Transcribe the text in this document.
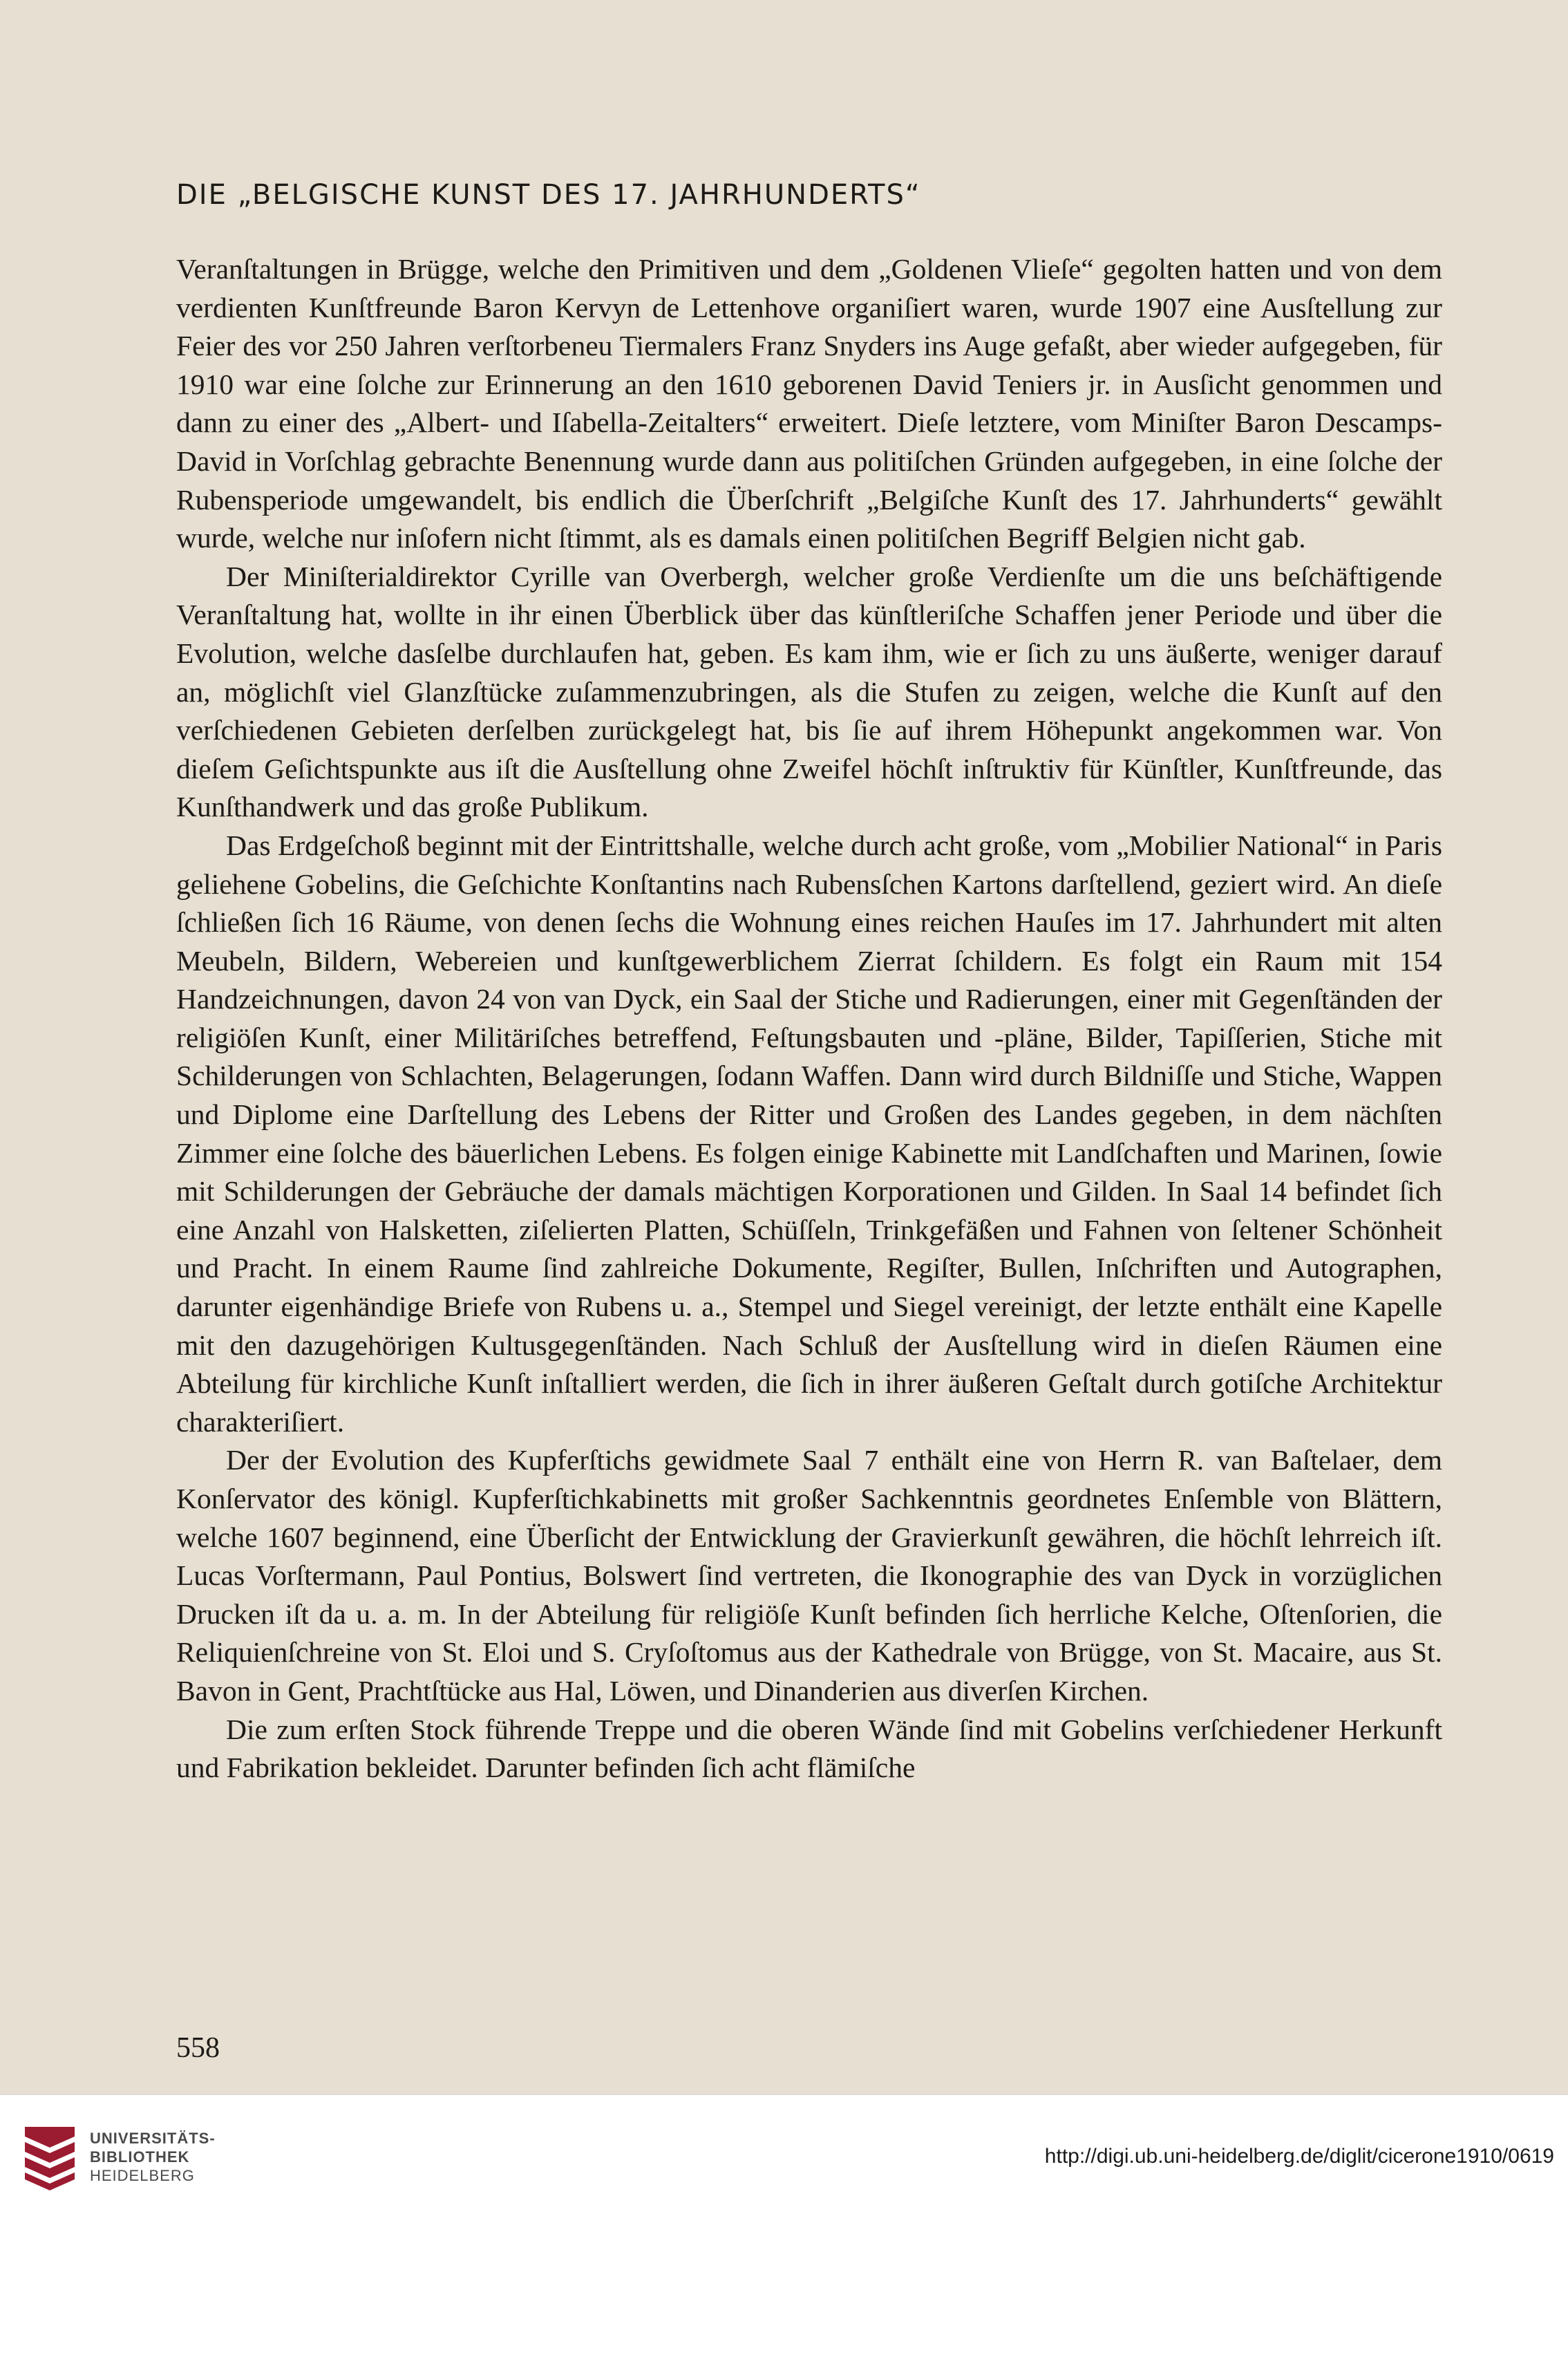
DIE „BELGISCHE KUNST DES 17. JAHRHUNDERTS“

Veranſtaltungen in Brügge, welche den Primitiven und dem „Goldenen Vlieſe“ gegolten hatten und von dem verdienten Kunſtfreunde Baron Kervyn de Lettenhove organiſiert waren, wurde 1907 eine Ausſtellung zur Feier des vor 250 Jahren verſtorbeneu Tiermalers Franz Snyders ins Auge gefaßt, aber wieder aufgegeben, für 1910 war eine ſolche zur Erinnerung an den 1610 geborenen David Teniers jr. in Ausſicht genommen und dann zu einer des „Albert- und Iſabella-Zeitalters“ erweitert. Dieſe letztere, vom Miniſter Baron Descamps-David in Vorſchlag gebrachte Benennung wurde dann aus politiſchen Gründen aufgegeben, in eine ſolche der Rubensperiode umgewandelt, bis endlich die Überſchrift „Belgiſche Kunſt des 17. Jahrhunderts“ gewählt wurde, welche nur inſofern nicht ſtimmt, als es damals einen politiſchen Begriff Belgien nicht gab.

Der Miniſterialdirektor Cyrille van Overbergh, welcher große Verdienſte um die uns beſchäftigende Veranſtaltung hat, wollte in ihr einen Überblick über das künſtleriſche Schaffen jener Periode und über die Evolution, welche dasſelbe durchlaufen hat, geben. Es kam ihm, wie er ſich zu uns äußerte, weniger darauf an, möglichſt viel Glanzſtücke zuſammenzubringen, als die Stufen zu zeigen, welche die Kunſt auf den verſchiedenen Gebieten derſelben zurückgelegt hat, bis ſie auf ihrem Höhepunkt angekommen war. Von dieſem Geſichtspunkte aus iſt die Ausſtellung ohne Zweifel höchſt inſtruktiv für Künſtler, Kunſtfreunde, das Kunſthandwerk und das große Publikum.

Das Erdgeſchoß beginnt mit der Eintrittshalle, welche durch acht große, vom „Mobilier National“ in Paris geliehene Gobelins, die Geſchichte Konſtantins nach Rubensſchen Kartons darſtellend, geziert wird. An dieſe ſchließen ſich 16 Räume, von denen ſechs die Wohnung eines reichen Hauſes im 17. Jahrhundert mit alten Meubeln, Bildern, Webereien und kunſtgewerblichem Zierrat ſchildern. Es folgt ein Raum mit 154 Handzeichnungen, davon 24 von van Dyck, ein Saal der Stiche und Radierungen, einer mit Gegenſtänden der religiöſen Kunſt, einer Militäriſches betreffend, Feſtungsbauten und -pläne, Bilder, Tapiſſerien, Stiche mit Schilderungen von Schlachten, Belagerungen, ſodann Waffen. Dann wird durch Bildniſſe und Stiche, Wappen und Diplome eine Darſtellung des Lebens der Ritter und Großen des Landes gegeben, in dem nächſten Zimmer eine ſolche des bäuerlichen Lebens. Es folgen einige Kabinette mit Landſchaften und Marinen, ſowie mit Schilderungen der Gebräuche der damals mächtigen Korporationen und Gilden. In Saal 14 befindet ſich eine Anzahl von Halsketten, ziſelierten Platten, Schüſſeln, Trinkgefäßen und Fahnen von ſeltener Schönheit und Pracht. In einem Raume ſind zahlreiche Dokumente, Regiſter, Bullen, Inſchriften und Autographen, darunter eigenhändige Briefe von Rubens u. a., Stempel und Siegel vereinigt, der letzte enthält eine Kapelle mit den dazugehörigen Kultusgegenſtänden. Nach Schluß der Ausſtellung wird in dieſen Räumen eine Abteilung für kirchliche Kunſt inſtalliert werden, die ſich in ihrer äußeren Geſtalt durch gotiſche Architektur charakteriſiert.

Der der Evolution des Kupferſtichs gewidmete Saal 7 enthält eine von Herrn R. van Baſtelaer, dem Konſervator des königl. Kupferſtichkabinetts mit großer Sachkenntnis geordnetes Enſemble von Blättern, welche 1607 beginnend, eine Überſicht der Entwicklung der Gravierkunſt gewähren, die höchſt lehrreich iſt. Lucas Vorſtermann, Paul Pontius, Bolswert ſind vertreten, die Ikonographie des van Dyck in vorzüglichen Drucken iſt da u. a. m. In der Abteilung für religiöſe Kunſt befinden ſich herrliche Kelche, Oſtenſorien, die Reliquienſchreine von St. Eloi und S. Cryſoſtomus aus der Kathedrale von Brügge, von St. Macaire, aus St. Bavon in Gent, Prachtſtücke aus Hal, Löwen, und Dinanderien aus diverſen Kirchen.

Die zum erſten Stock führende Treppe und die oberen Wände ſind mit Gobelins verſchiedener Herkunft und Fabrikation bekleidet. Darunter befinden ſich acht flämiſche

558
UNIVERSITÄTS-
BIBLIOTHEK
HEIDELBERG
http://digi.ub.uni-heidelberg.de/diglit/cicerone1910/0619
